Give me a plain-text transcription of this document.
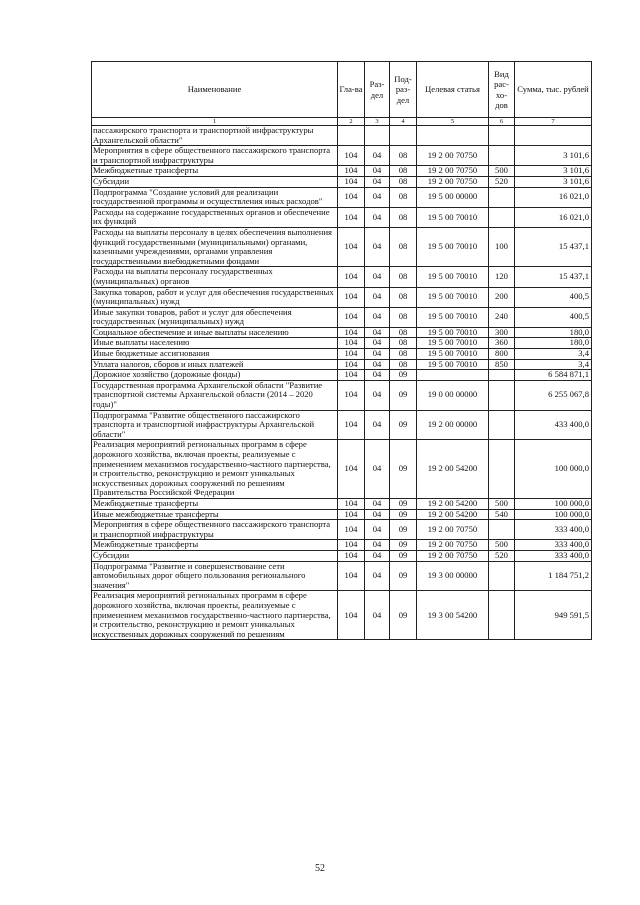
Наименование	Гла-ва	Раз-дел	Под-раз-дел	Целевая статья	Вид рас-хо-дов	Сумма, тыс. рублей
1	2	3	4	5	6	7
пассажирского транспорта и транспортной инфраструктуры Архангельской области"						
Мероприятия в сфере общественного пассажирского транспорта и транспортной инфраструктуры	104	04	08	19 2 00 70750		3 101,6
Межбюджетные трансферты	104	04	08	19 2 00 70750	500	3 101,6
Субсидии	104	04	08	19 2 00 70750	520	3 101,6
Подпрограмма "Создание условий для реализации государственной программы и осуществления иных расходов"	104	04	08	19 5 00 00000		16 021,0
Расходы на содержание государственных органов и обеспечение их функций	104	04	08	19 5 00 70010		16 021,0
Расходы на выплаты персоналу в целях обеспечения выполнения функций государственными (муниципальными) органами, казенными учреждениями, органами управления государственными внебюджетными фондами	104	04	08	19 5 00 70010	100	15 437,1
Расходы на выплаты персоналу государственных (муниципальных) органов	104	04	08	19 5 00 70010	120	15 437,1
Закупка товаров, работ и услуг для обеспечения государственных (муниципальных) нужд	104	04	08	19 5 00 70010	200	400,5
Иные закупки товаров, работ и услуг для обеспечения государственных (муниципальных) нужд	104	04	08	19 5 00 70010	240	400,5
Социальное обеспечение и иные выплаты населению	104	04	08	19 5 00 70010	300	180,0
Иные выплаты населению	104	04	08	19 5 00 70010	360	180,0
Иные бюджетные ассигнования	104	04	08	19 5 00 70010	800	3,4
Уплата налогов, сборов и иных платежей	104	04	08	19 5 00 70010	850	3,4
Дорожное хозяйство (дорожные фонды)	104	04	09			6 584 871,1
Государственная программа Архангельской области "Развитие транспортной системы Архангельской области (2014 – 2020 годы)"	104	04	09	19 0 00 00000		6 255 067,8
Подпрограмма "Развитие общественного пассажирского транспорта и транспортной инфраструктуры Архангельской области"	104	04	09	19 2 00 00000		433 400,0
Реализация мероприятий региональных программ в сфере дорожного хозяйства, включая проекты, реализуемые с применением механизмов государственно-частного партнерства, и строительство, реконструкцию и ремонт уникальных искусственных дорожных сооружений по решениям Правительства Российской Федерации	104	04	09	19 2 00 54200		100 000,0
Межбюджетные трансферты	104	04	09	19 2 00 54200	500	100 000,0
Иные межбюджетные трансферты	104	04	09	19 2 00 54200	540	100 000,0
Мероприятия в сфере общественного пассажирского транспорта и транспортной инфраструктуры	104	04	09	19 2 00 70750		333 400,0
Межбюджетные трансферты	104	04	09	19 2 00 70750	500	333 400,0
Субсидии	104	04	09	19 2 00 70750	520	333 400,0
Подпрограмма "Развитие и совершенствование сети автомобильных дорог общего пользования регионального значения"	104	04	09	19 3 00 00000		1 184 751,2
Реализация мероприятий региональных программ в сфере дорожного хозяйства, включая проекты, реализуемые с применением механизмов государственно-частного партнерства, и строительство, реконструкцию и ремонт уникальных искусственных дорожных сооружений по решениям	104	04	09	19 3 00 54200		949 591,5
52
